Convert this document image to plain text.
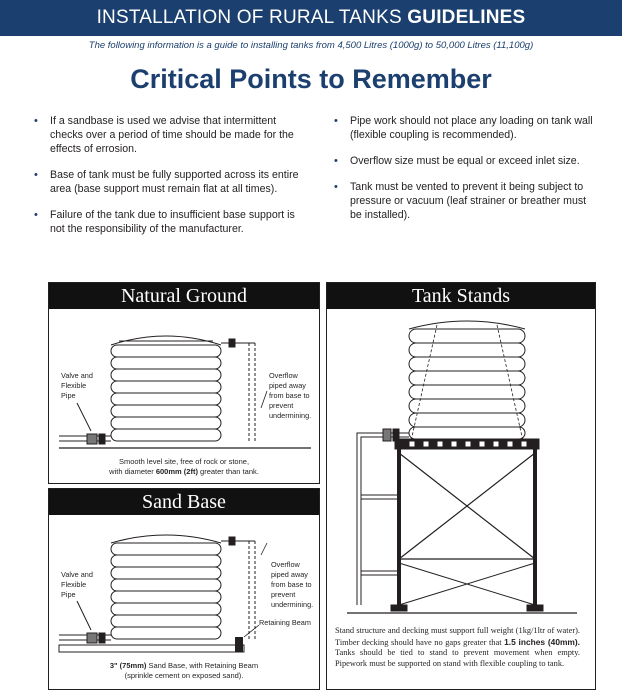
INSTALLATION OF RURAL TANKS GUIDELINES
The following information is a guide to installing tanks from 4,500 Litres (1000g) to 50,000 Litres (11,100g)
Critical Points to Remember
• If a sandbase is used we advise that intermittent checks over a period of time should be made for the effects of errosion.
• Base of tank must be fully supported across its entire area (base support must remain flat at all times).
• Failure of the tank due to insufficient base support is not the responsibility of the manufacturer.
• Pipe work should not place any loading on tank wall (flexible coupling is recommended).
• Overflow size must be equal or exceed inlet size.
• Tank must be vented to prevent it being subject to pressure or vacuum (leaf strainer or breather must be installed).
Natural Ground
Valve and
Flexible
Pipe
Overflow
piped away
from base to
prevent
undermining.
Smooth level site, free of rock or stone,
with diameter 600mm (2ft) greater than tank.
Sand Base
Valve and
Flexible
Pipe
Overflow
piped away
from base to
prevent
undermining.
Retaining Beam
3" (75mm) Sand Base, with Retaining Beam
(sprinkle cement on exposed sand).
Tank Stands
Stand structure and decking must support full weight (1kg/1ltr of water). Timber decking should have no gaps greater that 1.5 inches (40mm). Tanks should be tied to stand to prevent movement when empty. Pipework must be supported on stand with flexible coupling to tank.
